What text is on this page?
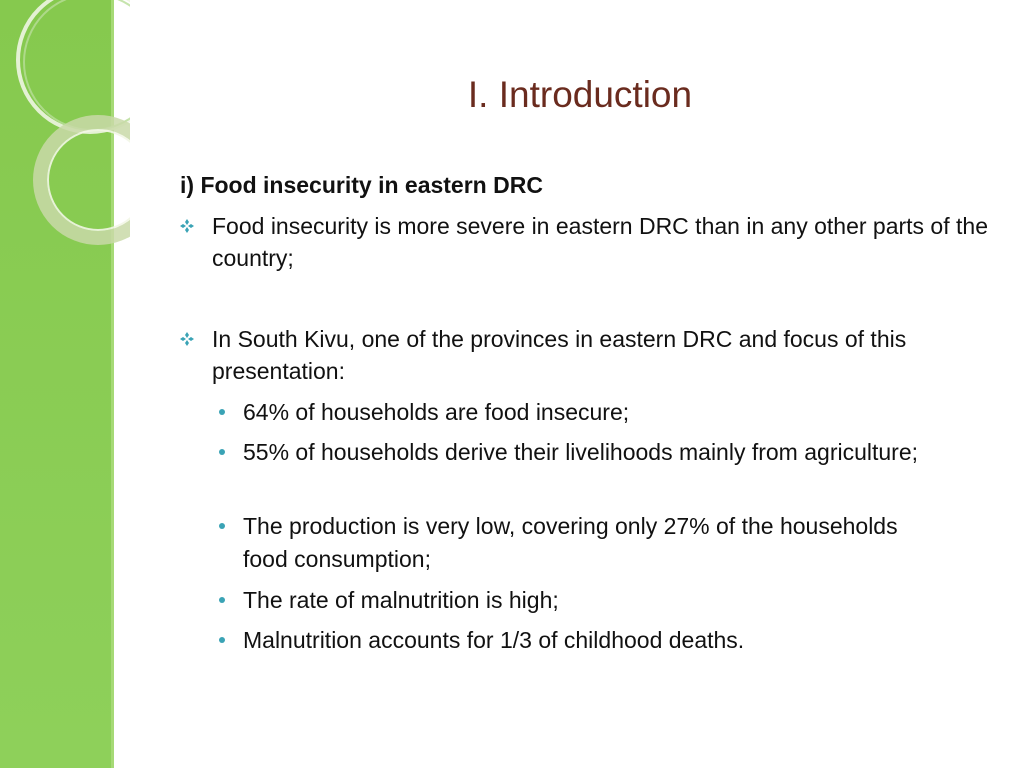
I. Introduction
i) Food insecurity in eastern DRC
Food insecurity is more severe in eastern DRC than in any other parts of the country;
In South Kivu, one of the provinces in eastern DRC and focus of this presentation:
64% of households are food insecure;
55% of households derive their livelihoods mainly from agriculture;
The production is very low, covering only 27% of the households food consumption;
The rate of malnutrition is high;
Malnutrition accounts for 1/3 of childhood deaths.
